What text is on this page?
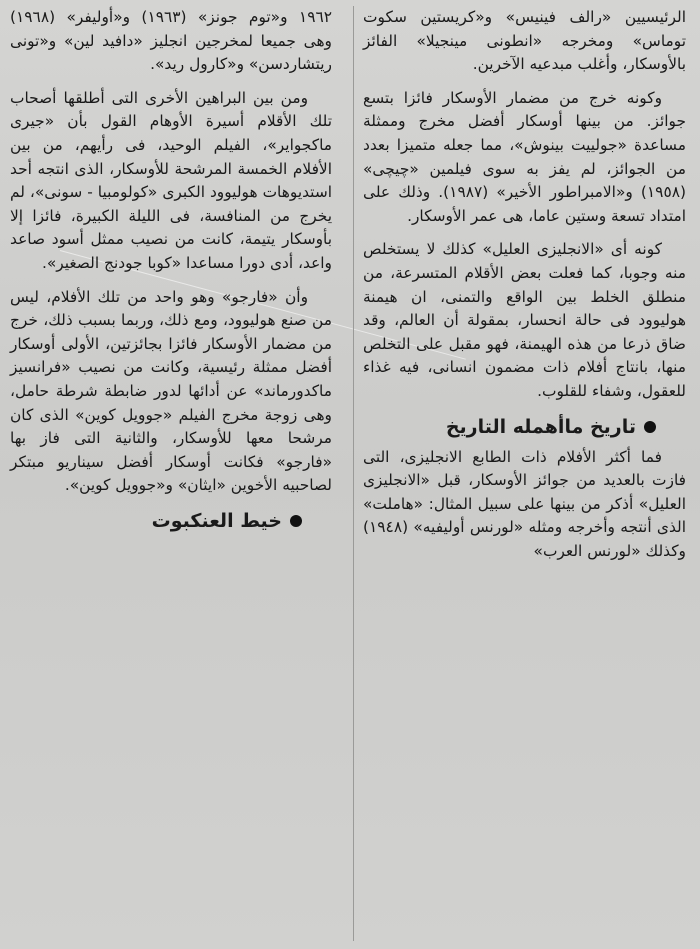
الرئيسيين «رالف فينيس» و«كريستين سكوت توماس» ومخرجه «انطونى مينجيلا» الفائز بالأوسكار، وأغلب مبدعيه الآخرين.

وكونه خرج من مضمار الأوسكار فائزا بتسع جوائز. من بينها أوسكار أفضل مخرج وممثلة مساعدة «جولييت بينوش»، مما جعله متميزا بعدد من الجوائز، لم يفز به سوى فيلمين «چيچى» (١٩٥٨) و«الامبراطور الأخير» (١٩٨٧). وذلك على امتداد تسعة وستين عاما، هى عمر الأوسكار.

كونه أى «الانجليزى العليل» كذلك لا يستخلص منه وجوبا، كما فعلت بعض الأقلام المتسرعة، من منطلق الخلط بين الواقع والتمنى، ان هيمنة هوليوود فى حالة انحسار، بمقولة أن العالم، وقد ضاق ذرعا من هذه الهيمنة، فهو مقبل على التخلص منها، بانتاج أفلام ذات مضمون انسانى، فيه غذاء للعقول، وشفاء للقلوب.

تاريخ ماأهمله التاريخ

فما أكثر الأفلام ذات الطابع الانجليزى، التى فازت بالعديد من جوائز الأوسكار، قبل «الانجليزى العليل» أذكر من بينها على سبيل المثال: «هاملت» الذى أنتجه وأخرجه ومثله «لورنس أوليفيه» (١٩٤٨) وكذلك «لورنس العرب»

١٩٦٢ و«توم جونز» (١٩٦٣) و«أوليفر» (١٩٦٨) وهى جميعا لمخرجين انجليز «دافيد لين» و«تونى ريتشاردسن» و«كارول ريد».

ومن بين البراهين الأخرى التى أطلقها أصحاب تلك الأقلام أسيرة الأوهام القول بأن «جيرى ماكجواير»، الفيلم الوحيد، فى رأيهم، من بين الأفلام الخمسة المرشحة للأوسكار، الذى انتجه أحد استديوهات هوليوود الكبرى «كولومبيا - سونى»، لم يخرج من المنافسة، فى الليلة الكبيرة، فائزا إلا بأوسكار يتيمة، كانت من نصيب ممثل أسود صاعد واعد، أدى دورا مساعدا «كوبا جودنج الصغير».

وأن «فارجو» وهو واحد من تلك الأفلام، ليس من صنع هوليوود، ومع ذلك، وربما بسبب ذلك، خرج من مضمار الأوسكار فائزا بجائزتين، الأولى أوسكار أفضل ممثلة رئيسية، وكانت من نصيب «فرانسيز ماكدورماند» عن أدائها لدور ضابطة شرطة حامل، وهى زوجة مخرج الفيلم «جوويل كوين» الذى كان مرشحا معها للأوسكار، والثانية التى فاز بها «فارجو» فكانت أوسكار أفضل سيناريو مبتكر لصاحبيه الأخوين «ايثان» و«جوويل كوين».

خيط العنكبوت
